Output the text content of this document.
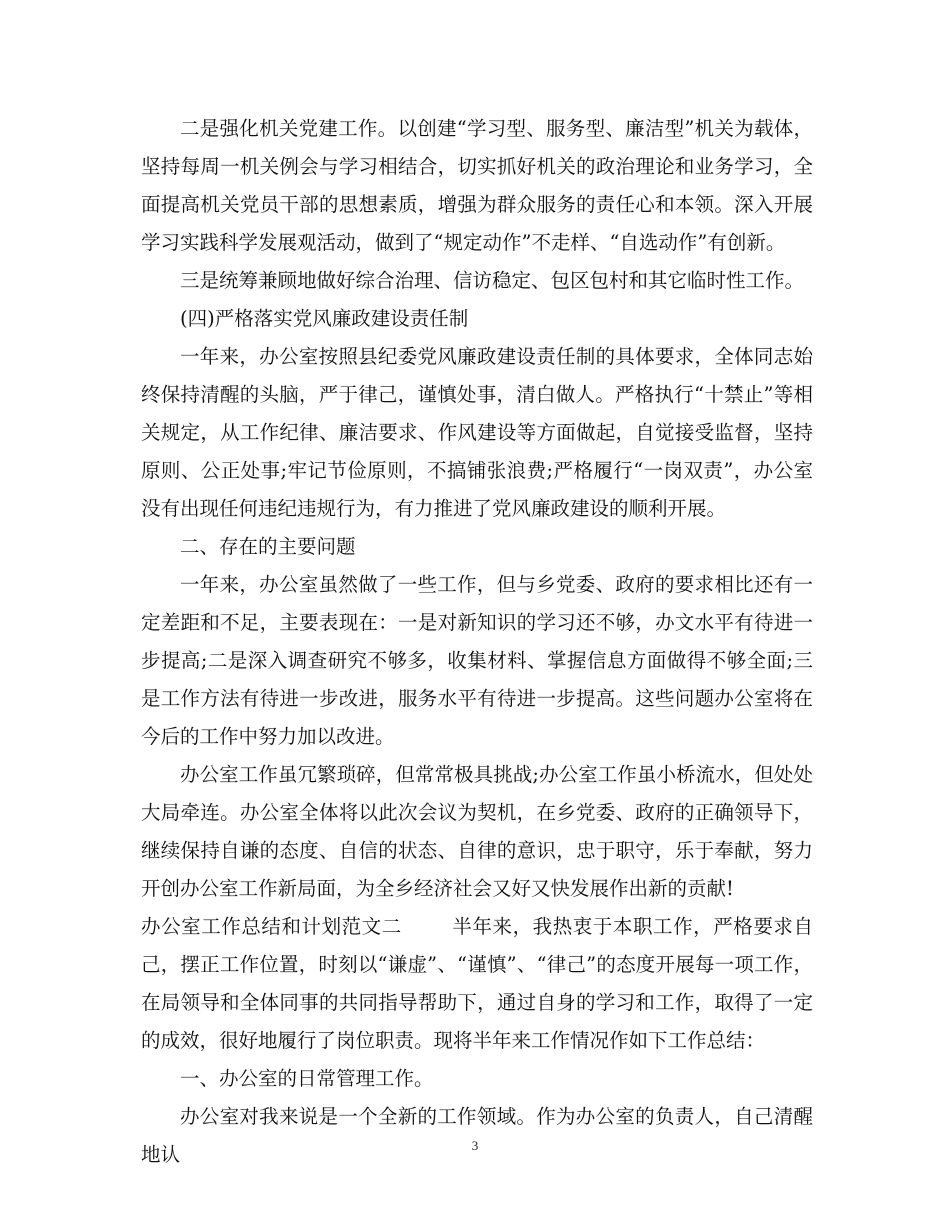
二是强化机关党建工作。以创建“学习型、服务型、廉洁型”机关为载体，坚持每周一机关例会与学习相结合，切实抓好机关的政治理论和业务学习，全面提高机关党员干部的思想素质，增强为群众服务的责任心和本领。深入开展学习实践科学发展观活动，做到了“规定动作”不走样、“自选动作”有创新。

三是统筹兼顾地做好综合治理、信访稳定、包区包村和其它临时性工作。

(四)严格落实党风廉政建设责任制

一年来，办公室按照县纪委党风廉政建设责任制的具体要求，全体同志始终保持清醒的头脑，严于律己，谨慎处事，清白做人。严格执行“十禁止”等相关规定，从工作纪律、廉洁要求、作风建设等方面做起，自觉接受监督，坚持原则、公正处事;牢记节俭原则，不搞铺张浪费;严格履行“一岗双责”，办公室没有出现任何违纪违规行为，有力推进了党风廉政建设的顺利开展。

二、存在的主要问题

一年来，办公室虽然做了一些工作，但与乡党委、政府的要求相比还有一定差距和不足，主要表现在：一是对新知识的学习还不够，办文水平有待进一步提高;二是深入调查研究不够多，收集材料、掌握信息方面做得不够全面;三是工作方法有待进一步改进，服务水平有待进一步提高。这些问题办公室将在今后的工作中努力加以改进。

办公室工作虽冗繁琐碎，但常常极具挑战;办公室工作虽小桥流水，但处处大局牵连。办公室全体将以此次会议为契机，在乡党委、政府的正确领导下，继续保持自谦的态度、自信的状态、自律的意识，忠于职守，乐于奉献，努力开创办公室工作新局面，为全乡经济社会又好又快发展作出新的贡献!

办公室工作总结和计划范文二	半年来，我热衷于本职工作，严格要求自己，摆正工作位置，时刻以“谦虚”、“谨慎”、“律己”的态度开展每一项工作，在局领导和全体同事的共同指导帮助下，通过自身的学习和工作，取得了一定的成效，很好地履行了岗位职责。现将半年来工作情况作如下工作总结：

一、办公室的日常管理工作。

办公室对我来说是一个全新的工作领域。作为办公室的负责人，自己清醒地认	3
